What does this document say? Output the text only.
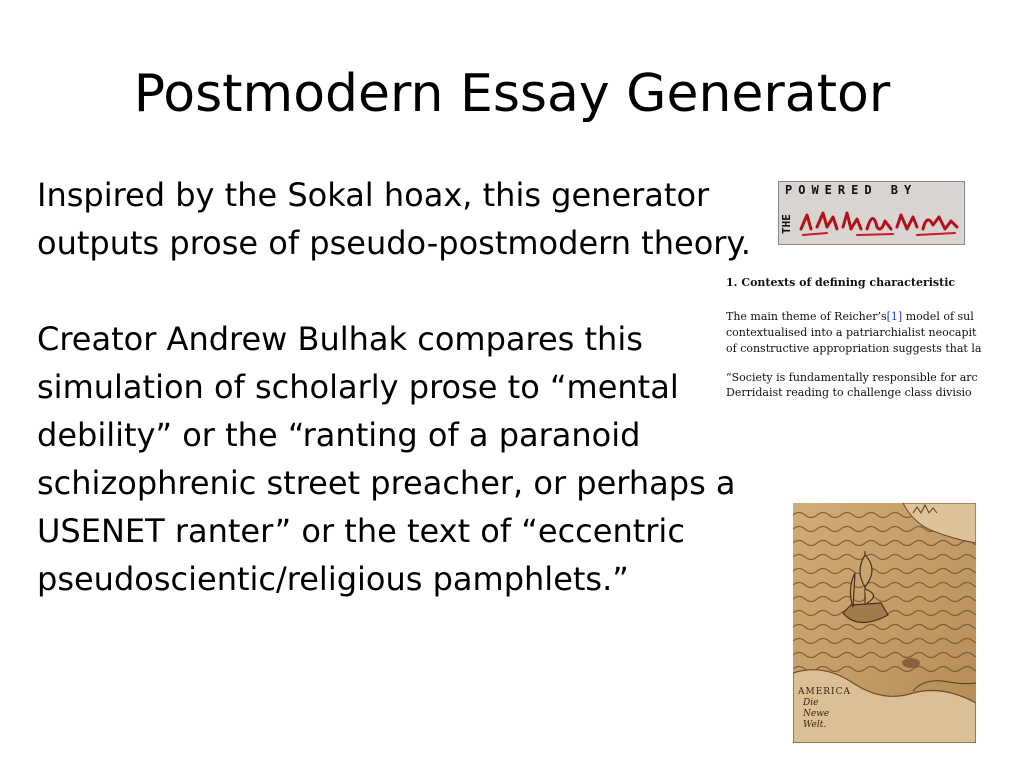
Postmodern Essay Generator

Inspired by the Sokal hoax, this generator outputs prose of pseudo-postmodern theory.

Creator Andrew Bulhak compares this simulation of scholarly prose to “mental debility” or the “ranting of a paranoid schizophrenic street preacher, or perhaps a USENET ranter” or the text of “eccentric pseudoscientic/religious pamphlets.”

POWERED BY
THE
dada engine
1. Contexts of defining characteristic
The main theme of Reicher’s[1] model of sul
contextualised into a patriarchialist neocapit
of constructive appropriation suggests that la
“Society is fundamentally responsible for arc
Derridaist reading to challenge class divisio
AMERICA
Die Newe Welt.
